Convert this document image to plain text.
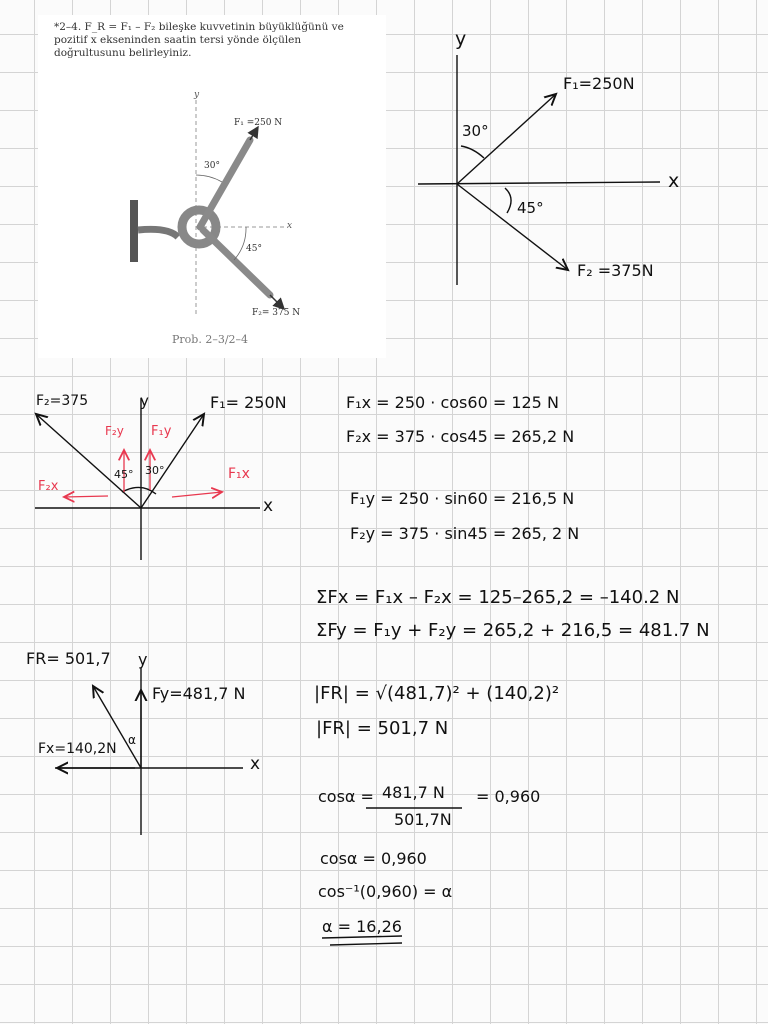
*2–4. F_R = F₁ – F₂ bileşke kuvvetinin büyüklüğünü ve pozitif x ekseninden saatin tersi yönde ölçülen doğrultusunu belirleyiniz.
y
x
F₁ =250 N
F₂= 375 N
30°
45°
Prob. 2–3/2–4
y
x
F₁=250N
F₂ =375N
30°
45°
F₂=375	y	F₁= 250N
F₂y F₁y
45° 30°
F₂x
F₁x
x
FR= 501,7 y
Fy=481,7 N
Fx=140,2N
α
x
F₁x = 250 · cos60 = 125 N
F₂x = 375 · cos45 = 265,2 N
F₁y = 250 · sin60 = 216,5 N
F₂y = 375 · sin45 = 265, 2 N
ΣFx = F₁x – F₂x = 125–265,2 = –140.2 N
ΣFy = F₁y + F₂y = 265,2 + 216,5 = 481.7 N
|FR| = √(481,7)² + (140,2)²
|FR| = 501,7 N
cosα = 481,7 N
501,7N
= 0,960
cosα = 0,960
cos⁻¹(0,960) = α
α = 16,26
